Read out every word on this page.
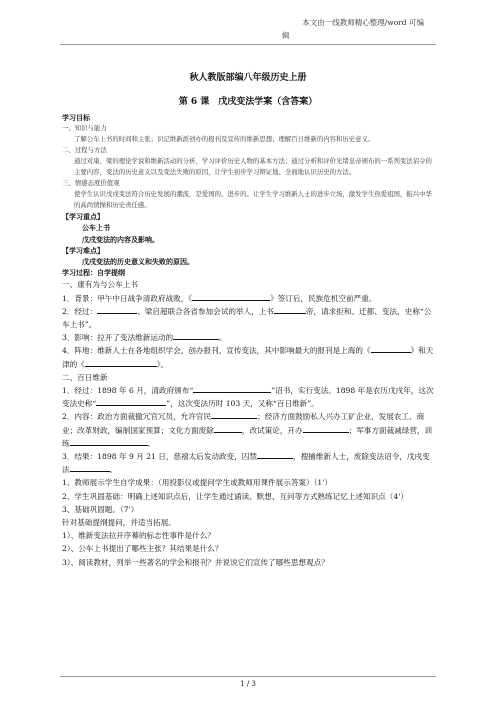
本文由一线教师精心整理/word 可编
辑
秋人教版部编八年级历史上册
第 6 课　戊戌变法学案（含答案）

学习目标

一、知识与能力

了解公车上书的时间和主张；识记维新派创办的报刊及宣传的维新思想；理解百日维新的内容和历史意义。

二、过程与方法

通过对康、梁的理论学说和维新活动的分析，学习评价历史人物的基本方法；通过分析和评价光绪皇帝颁布的一系列变法诏令的主要内容，变法的历史意义以及变法失败的原因，让学生初步学习辩证地、全面地认识历史的方法。

三、情感态度价值观

使学生认识戊戌变法符合历史发展的潮流，是爱国的、进步的。让学生学习维新人士的进步立场，激发学生热爱祖国，振兴中华的高尚情操和历史责任感。

【学习重点】

公车上书

戊戌变法的内容及影响。

【学习难点】

戊戌变法的历史意义和失败的原因。

学习过程：自学提纲

一、康有为与公车上书

1．背景：甲午中日战争清政府战败，《	》签订后，民族危机空前严重。

2．经过：	、梁启超联合各省参加会试的举人，上书	帝，请求拒和、迁都、变法，史称“公车上书”。

3．影响：拉开了变法维新运动的	。

4．阵地：维新人士在各地组织学会，创办报刊，宣传变法，其中影响最大的报刊是上海的《	》和天津的《	》。

二、百日维新

1．经过：1898 年 6 月，清政府颁布“	”诏书，实行变法。1898 年是农历戊戌年，这次变法史称“	”，这次变法历时 103 天，又称“百日维新”。

2．内容：政治方面裁撤冗官冗员，允许官民	；经济方面鼓励私人兴办工矿企业，发展农工、商业；改革财政，编制国家预算；文化方面废除	，改试策论，开办	；军事方面裁减绿营，训练	。

3．结果：1898 年 9 月 21 日，慈禧太后发动政变，囚禁	，搜捕维新人士，废除变法诏令，戊戌变法	。

1、教师展示学生自学成果：（用投影仪或提问学生或教师用课件展示答案）（1'）

2、学生巩固基础：明确上述知识点后，让学生通过诵读、默想、互问等方式熟练记忆上述知识点（4'）

3、基础巩固题。（7'）

针对基础提纲提问，并适当拓展。

1）、维新变法拉开序幕的标志性事件是什么？

2）、公车上书提出了哪些主张？其结果是什么？

3）、阅读教材，列举一些著名的学会和报刊？并说说它们宣传了哪些思想观点？

1 / 3
